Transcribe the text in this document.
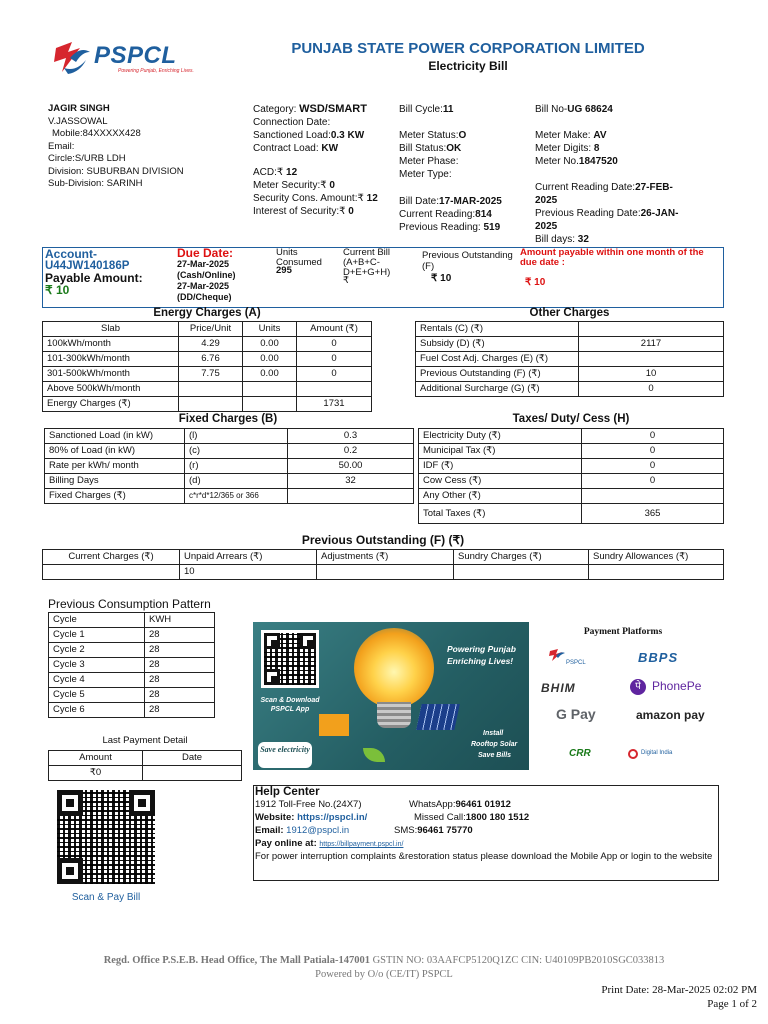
PSPCL
Powering Punjab, Enriching Lives.
PUNJAB STATE POWER CORPORATION LIMITED
Electricity Bill
JAGIR SINGH
V.JASSOWAL
Mobile:84XXXXX428
Email:
Circle:S/URB LDH
Division: SUBURBAN DIVISION
Sub-Division: SARINH
Category: WSD/SMART
Connection Date:
Sanctioned Load:0.3 KW
Contract Load: KW
ACD:₹ 12
Meter Security:₹ 0
Security Cons. Amount:₹ 12
Interest of Security:₹ 0
Bill Cycle:11
Meter Status:O
Bill Status:OK
Meter Phase:
Meter Type:
Bill Date:17-MAR-2025
Current Reading:814
Previous Reading: 519
Bill No-UG 68624
Meter Make: AV
Meter Digits: 8
Meter No.1847520
Current Reading Date:27-FEB-2025
Previous Reading Date:26-JAN-2025
Bill days: 32
Account-
U44JW140186P
Payable Amount:
₹ 10
Due Date:
27-Mar-2025
(Cash/Online)
27-Mar-2025
(DD/Cheque)
Units Consumed
295
Current Bill (A+B+C-D+E+G+H)
₹
Previous Outstanding (F)
₹ 10
Amount payable within one month of the due date :
₹ 10
Energy Charges (A)
Slab	Price/Unit	Units	Amount (₹)
100kWh/month	4.29	0.00	0
101-300kWh/month	6.76	0.00	0
301-500kWh/month	7.75	0.00	0
Above 500kWh/month			
Energy Charges (₹)			1731
Other Charges
Rentals (C) (₹)	
Subsidy (D) (₹)	2117
Fuel Cost Adj. Charges (E) (₹)	
Previous Outstanding (F) (₹)	10
Additional Surcharge (G) (₹)	0
Fixed Charges (B)
Sanctioned Load (in kW)	(l)	0.3
80% of Load (in kW)	(c)	0.2
Rate per kWh/ month	(r)	50.00
Billing Days	(d)	32
Fixed Charges (₹)	c*r*d*12/365 or 366	
Taxes/ Duty/ Cess (H)
Electricity Duty (₹)	0
Municipal Tax (₹)	0
IDF (₹)	0
Cow Cess (₹)	0
Any Other (₹)	
Total Taxes (₹)	365
Previous Outstanding (F) (₹)
Current Charges (₹)	Unpaid Arrears (₹)	Adjustments (₹)	Sundry Charges (₹)	Sundry Allowances (₹)
	10			
Previous Consumption Pattern
Cycle	KWH
Cycle 1	28
Cycle 2	28
Cycle 3	28
Cycle 4	28
Cycle 5	28
Cycle 6	28
Last Payment Detail
Amount	Date
₹0	
Scan & Pay Bill
Scan & Download PSPCL App
Powering Punjab
Enriching Lives!
Install
Rooftop Solar
Save Bills
Save electricity
Payment Platforms
PSPCL	BBPS
BHIM	पे PhonePe
G Pay	amazon pay
CRR	Digital India
Help Center
1912 Toll-Free No.(24X7)	WhatsApp:96461 01912
Website: https://pspcl.in/	Missed Call:1800 180 1512
Email: 1912@pspcl.in	SMS:96461 75770
Pay online at: https://billpayment.pspcl.in/
For power interruption complaints &restoration status please download the Mobile App or login to the website
Regd. Office P.S.E.B. Head Office, The Mall Patiala-147001 GSTIN NO: 03AAFCP5120Q1ZC CIN: U40109PB2010SGC033813
Powered by O/o (CE/IT) PSPCL
Print Date: 28-Mar-2025 02:02 PM
Page 1 of 2
